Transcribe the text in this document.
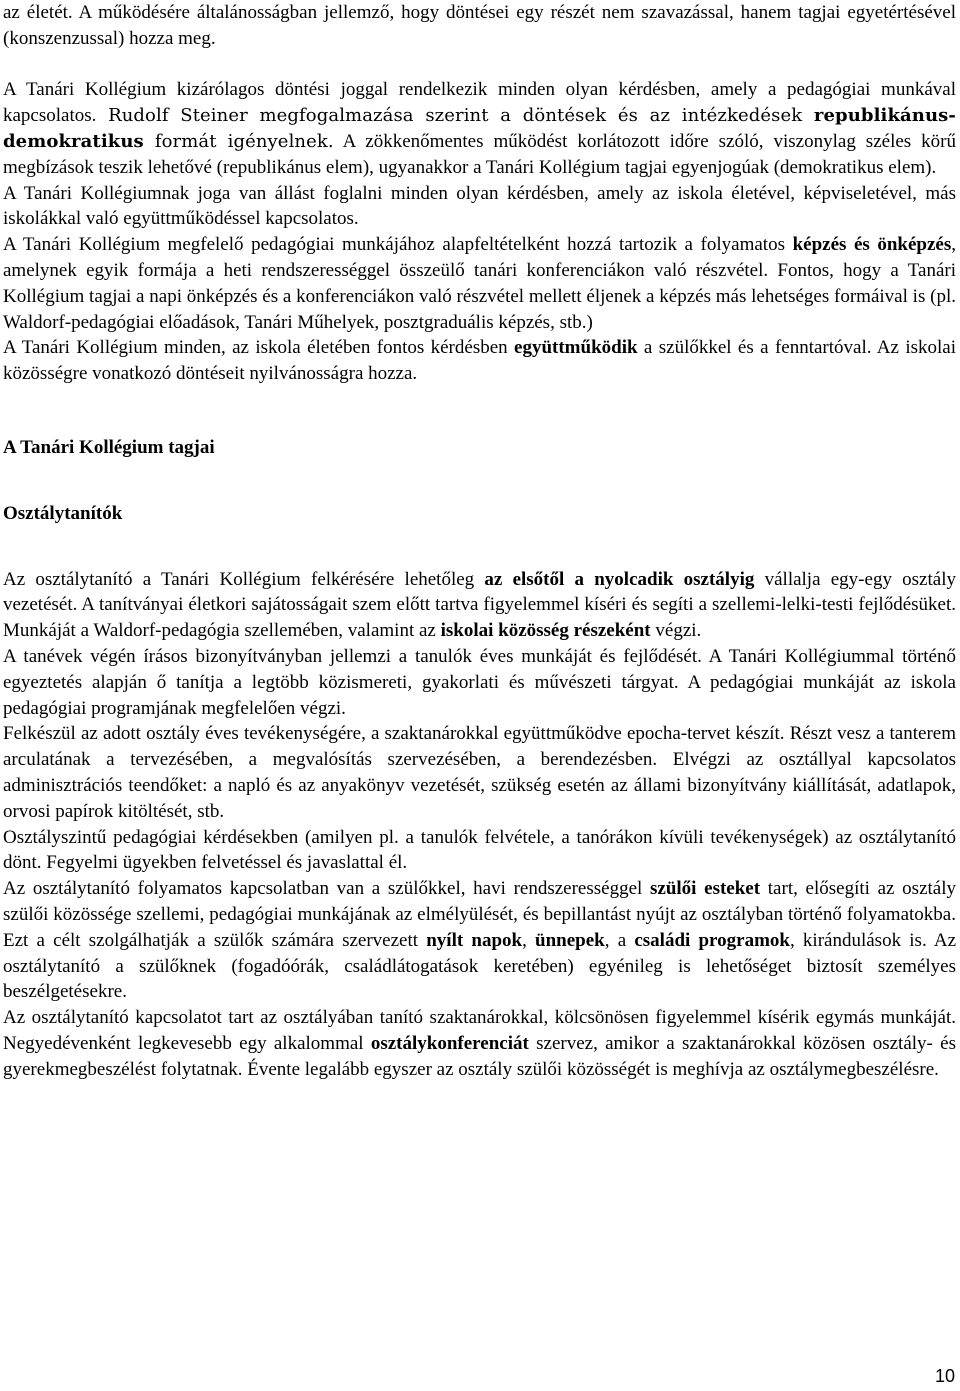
az életét. A működésére általánosságban jellemző, hogy döntései egy részét nem szavazással, hanem tagjai egyetértésével (konszenzussal) hozza meg.

A Tanári Kollégium kizárólagos döntési joggal rendelkezik minden olyan kérdésben, amely a pedagógiai munkával kapcsolatos. Rudolf Steiner megfogalmazása szerint a döntések és az intézkedések republikánus-demokratikus formát igényelnek. A zökkenőmentes működést korlátozott időre szóló, viszonylag széles körű megbízások teszik lehetővé (republikánus elem), ugyanakkor a Tanári Kollégium tagjai egyenjogúak (demokratikus elem).

A Tanári Kollégiumnak joga van állást foglalni minden olyan kérdésben, amely az iskola életével, képviseletével, más iskolákkal való együttműködéssel kapcsolatos.

A Tanári Kollégium megfelelő pedagógiai munkájához alapfeltételként hozzá tartozik a folyamatos képzés és önképzés, amelynek egyik formája a heti rendszerességgel összeülő tanári konferenciákon való részvétel. Fontos, hogy a Tanári Kollégium tagjai a napi önképzés és a konferenciákon való részvétel mellett éljenek a képzés más lehetséges formáival is (pl. Waldorf-pedagógiai előadások, Tanári Műhelyek, posztgraduális képzés, stb.)

A Tanári Kollégium minden, az iskola életében fontos kérdésben együttműködik a szülőkkel és a fenntartóval. Az iskolai közösségre vonatkozó döntéseit nyilvánosságra hozza.

A Tanári Kollégium tagjai

Osztálytanítók

Az osztálytanító a Tanári Kollégium felkérésére lehetőleg az elsőtől a nyolcadik osztályig vállalja egy-egy osztály vezetését. A tanítványai életkori sajátosságait szem előtt tartva figyelemmel kíséri és segíti a szellemi-lelki-testi fejlődésüket. Munkáját a Waldorf-pedagógia szellemében, valamint az iskolai közösség részeként végzi.

A tanévek végén írásos bizonyítványban jellemzi a tanulók éves munkáját és fejlődését. A Tanári Kollégiummal történő egyeztetés alapján ő tanítja a legtöbb közismereti, gyakorlati és művészeti tárgyat. A pedagógiai munkáját az iskola pedagógiai programjának megfelelően végzi.

Felkészül az adott osztály éves tevékenységére, a szaktanárokkal együttműködve epocha-tervet készít. Részt vesz a tanterem arculatának a tervezésében, a megvalósítás szervezésében, a berendezésben. Elvégzi az osztállyal kapcsolatos adminisztrációs teendőket: a napló és az anyakönyv vezetését, szükség esetén az állami bizonyítvány kiállítását, adatlapok, orvosi papírok kitöltését, stb.

Osztályszintű pedagógiai kérdésekben (amilyen pl. a tanulók felvétele, a tanórákon kívüli tevékenységek) az osztálytanító dönt. Fegyelmi ügyekben felvetéssel és javaslattal él.

Az osztálytanító folyamatos kapcsolatban van a szülőkkel, havi rendszerességgel szülői esteket tart, elősegíti az osztály szülői közössége szellemi, pedagógiai munkájának az elmélyülését, és bepillantást nyújt az osztályban történő folyamatokba. Ezt a célt szolgálhatják a szülők számára szervezett nyílt napok, ünnepek, a családi programok, kirándulások is. Az osztálytanító a szülőknek (fogadóórák, családlátogatások keretében) egyénileg is lehetőséget biztosít személyes beszélgetésekre.

Az osztálytanító kapcsolatot tart az osztályában tanító szaktanárokkal, kölcsönösen figyelemmel kísérik egymás munkáját. Negyedévenként legkevesebb egy alkalommal osztálykonferenciát szervez, amikor a szaktanárokkal közösen osztály- és gyerekmegbeszélést folytatnak. Évente legalább egyszer az osztály szülői közösségét is meghívja az osztálymegbeszélésre.

10
